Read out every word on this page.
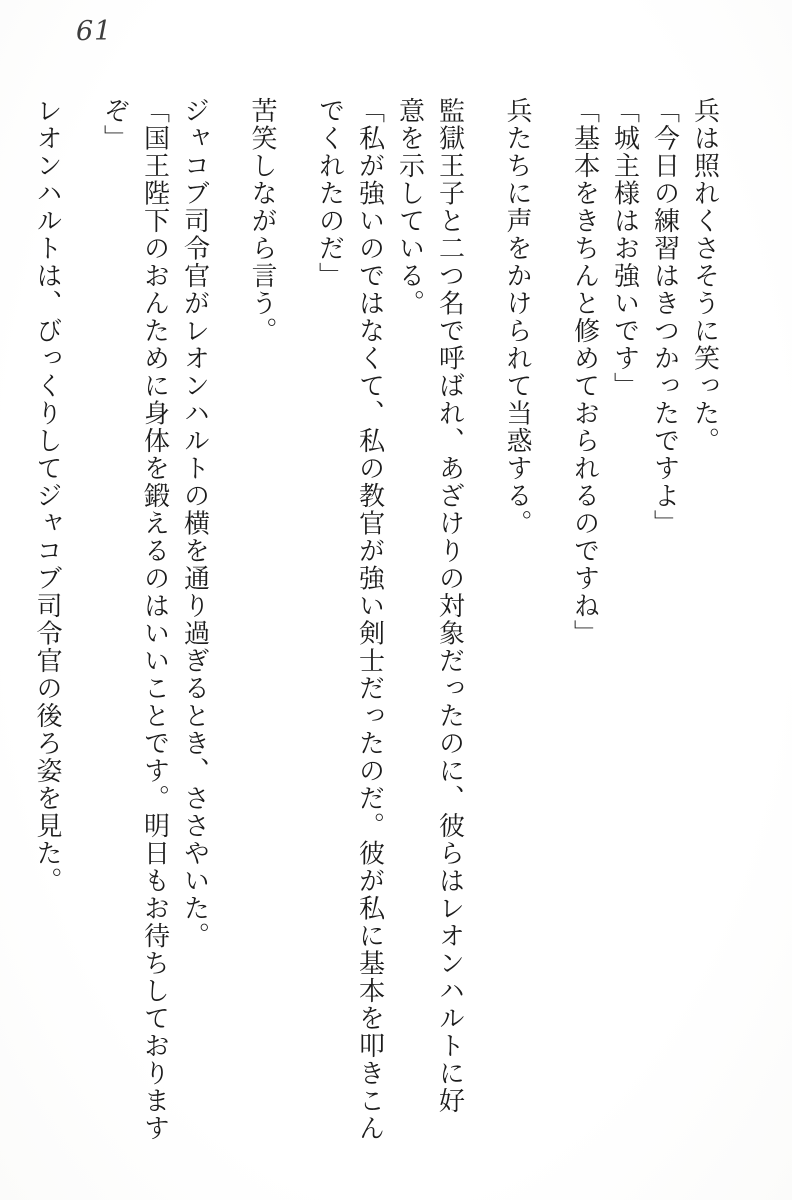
61
兵は照れくさそうに笑った。
「今日の練習はきつかったですよ」
「城主様はお強いです」
「基本をきちんと修めておられるのですね」
兵たちに声をかけられて当惑する。
監獄王子と二つ名で呼ばれ、あざけりの対象だったのに、彼らはレオンハルトに好
意を示している。
「私が強いのではなくて、私の教官が強い剣士だったのだ。彼が私に基本を叩きこん
でくれたのだ」
苦笑しながら言う。
ジャコブ司令官がレオンハルトの横を通り過ぎるとき、ささやいた。
「国王陛下のおんために身体を鍛えるのはいいことです。明日もお待ちしております
ぞ」
レオンハルトは、びっくりしてジャコブ司令官の後ろ姿を見た。
